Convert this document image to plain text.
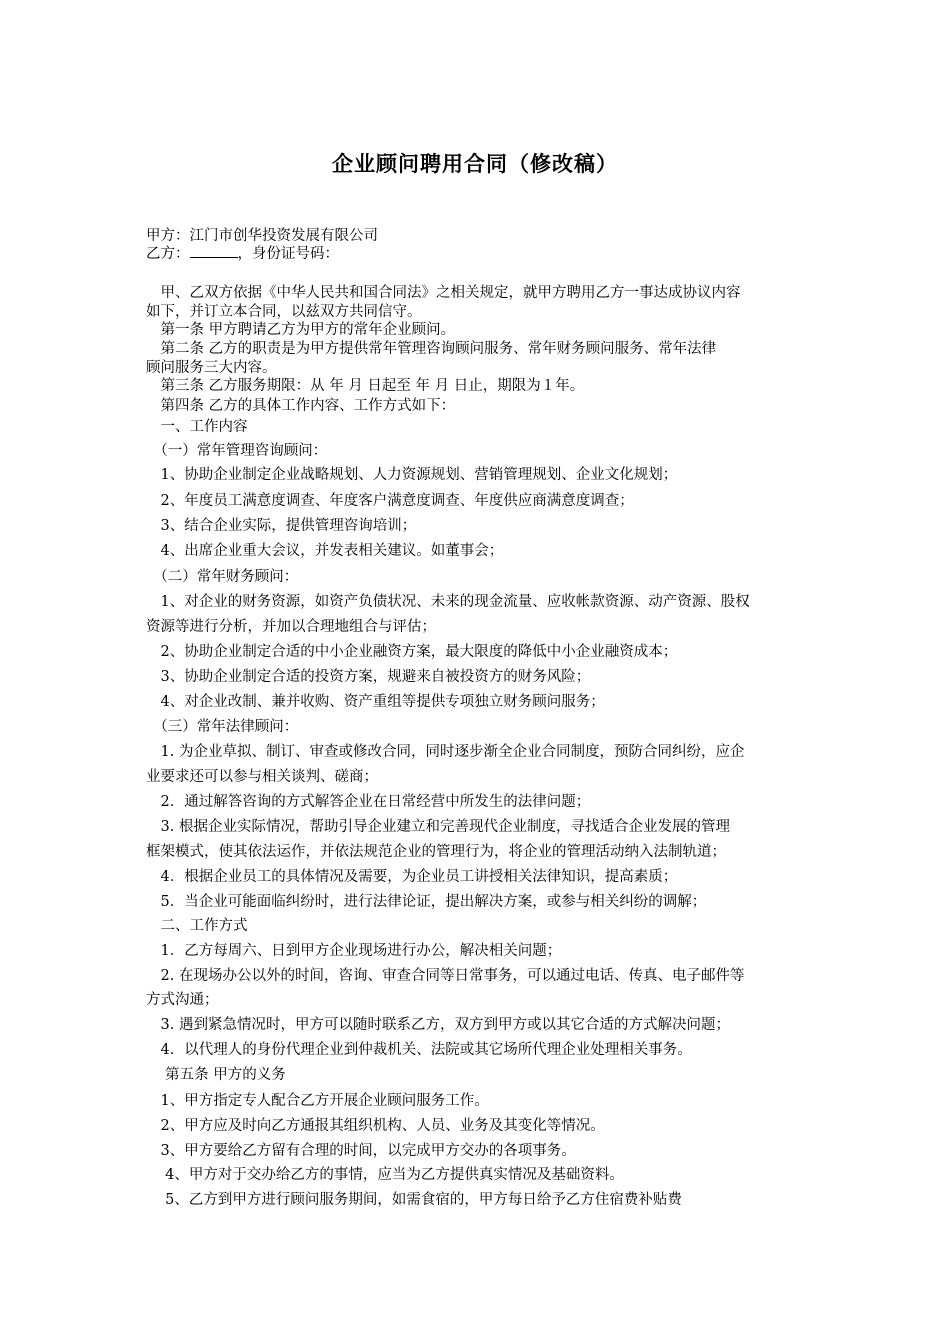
企业顾问聘用合同（修改稿）
甲方：江门市创华投资发展有限公司
乙方：	，身份证号码：
　甲、乙双方依据《中华人民共和国合同法》之相关规定，就甲方聘用乙方一事达成协议内容
如下，并订立本合同，以兹双方共同信守。
　第一条 甲方聘请乙方为甲方的常年企业顾问。
　第二条 乙方的职责是为甲方提供常年管理咨询顾问服务、常年财务顾问服务、常年法律
顾问服务三大内容。
　第三条 乙方服务期限：从 年 月 日起至 年 月 日止，期限为１年。
　第四条 乙方的具体工作内容、工作方式如下：
　一、工作内容
　（一）常年管理咨询顾问：
　1、协助企业制定企业战略规划、人力资源规划、营销管理规划、企业文化规划；
　2、年度员工满意度调查、年度客户满意度调查、年度供应商满意度调查；
　3、结合企业实际，提供管理咨询培训；
　4、出席企业重大会议，并发表相关建议。如董事会；
　（二）常年财务顾问：
　1、对企业的财务资源，如资产负债状况、未来的现金流量、应收帐款资源、动产资源、股权
资源等进行分析，并加以合理地组合与评估；
　2、协助企业制定合适的中小企业融资方案，最大限度的降低中小企业融资成本；
　3、协助企业制定合适的投资方案，规避来自被投资方的财务风险；
　4、对企业改制、兼并收购、资产重组等提供专项独立财务顾问服务；
　（三）常年法律顾问：
　1. 为企业草拟、制订、审查或修改合同，同时逐步渐全企业合同制度，预防合同纠纷，应企
业要求还可以参与相关谈判、磋商；
　2．通过解答咨询的方式解答企业在日常经营中所发生的法律问题；
　3. 根据企业实际情况，帮助引导企业建立和完善现代企业制度，寻找适合企业发展的管理
框架模式，使其依法运作，并依法规范企业的管理行为，将企业的管理活动纳入法制轨道；
　4．根据企业员工的具体情况及需要，为企业员工讲授相关法律知识，提高素质；
　5．当企业可能面临纠纷时，进行法律论证，提出解决方案，或参与相关纠纷的调解；
　二、工作方式
　1．乙方每周六、日到甲方企业现场进行办公，解决相关问题；
　2. 在现场办公以外的时间，咨询、审查合同等日常事务，可以通过电话、传真、电子邮件等
方式沟通；
　3. 遇到紧急情况时，甲方可以随时联系乙方，双方到甲方或以其它合适的方式解决问题；
　4．以代理人的身份代理企业到仲裁机关、法院或其它场所代理企业处理相关事务。
　 第五条 甲方的义务
　1、甲方指定专人配合乙方开展企业顾问服务工作。
　2、甲方应及时向乙方通报其组织机构、人员、业务及其变化等情况。
　3、甲方要给乙方留有合理的时间，以完成甲方交办的各项事务。
　 4、甲方对于交办给乙方的事情，应当为乙方提供真实情况及基础资料。
　 5、乙方到甲方进行顾问服务期间，如需食宿的，甲方每日给予乙方住宿费补贴费
